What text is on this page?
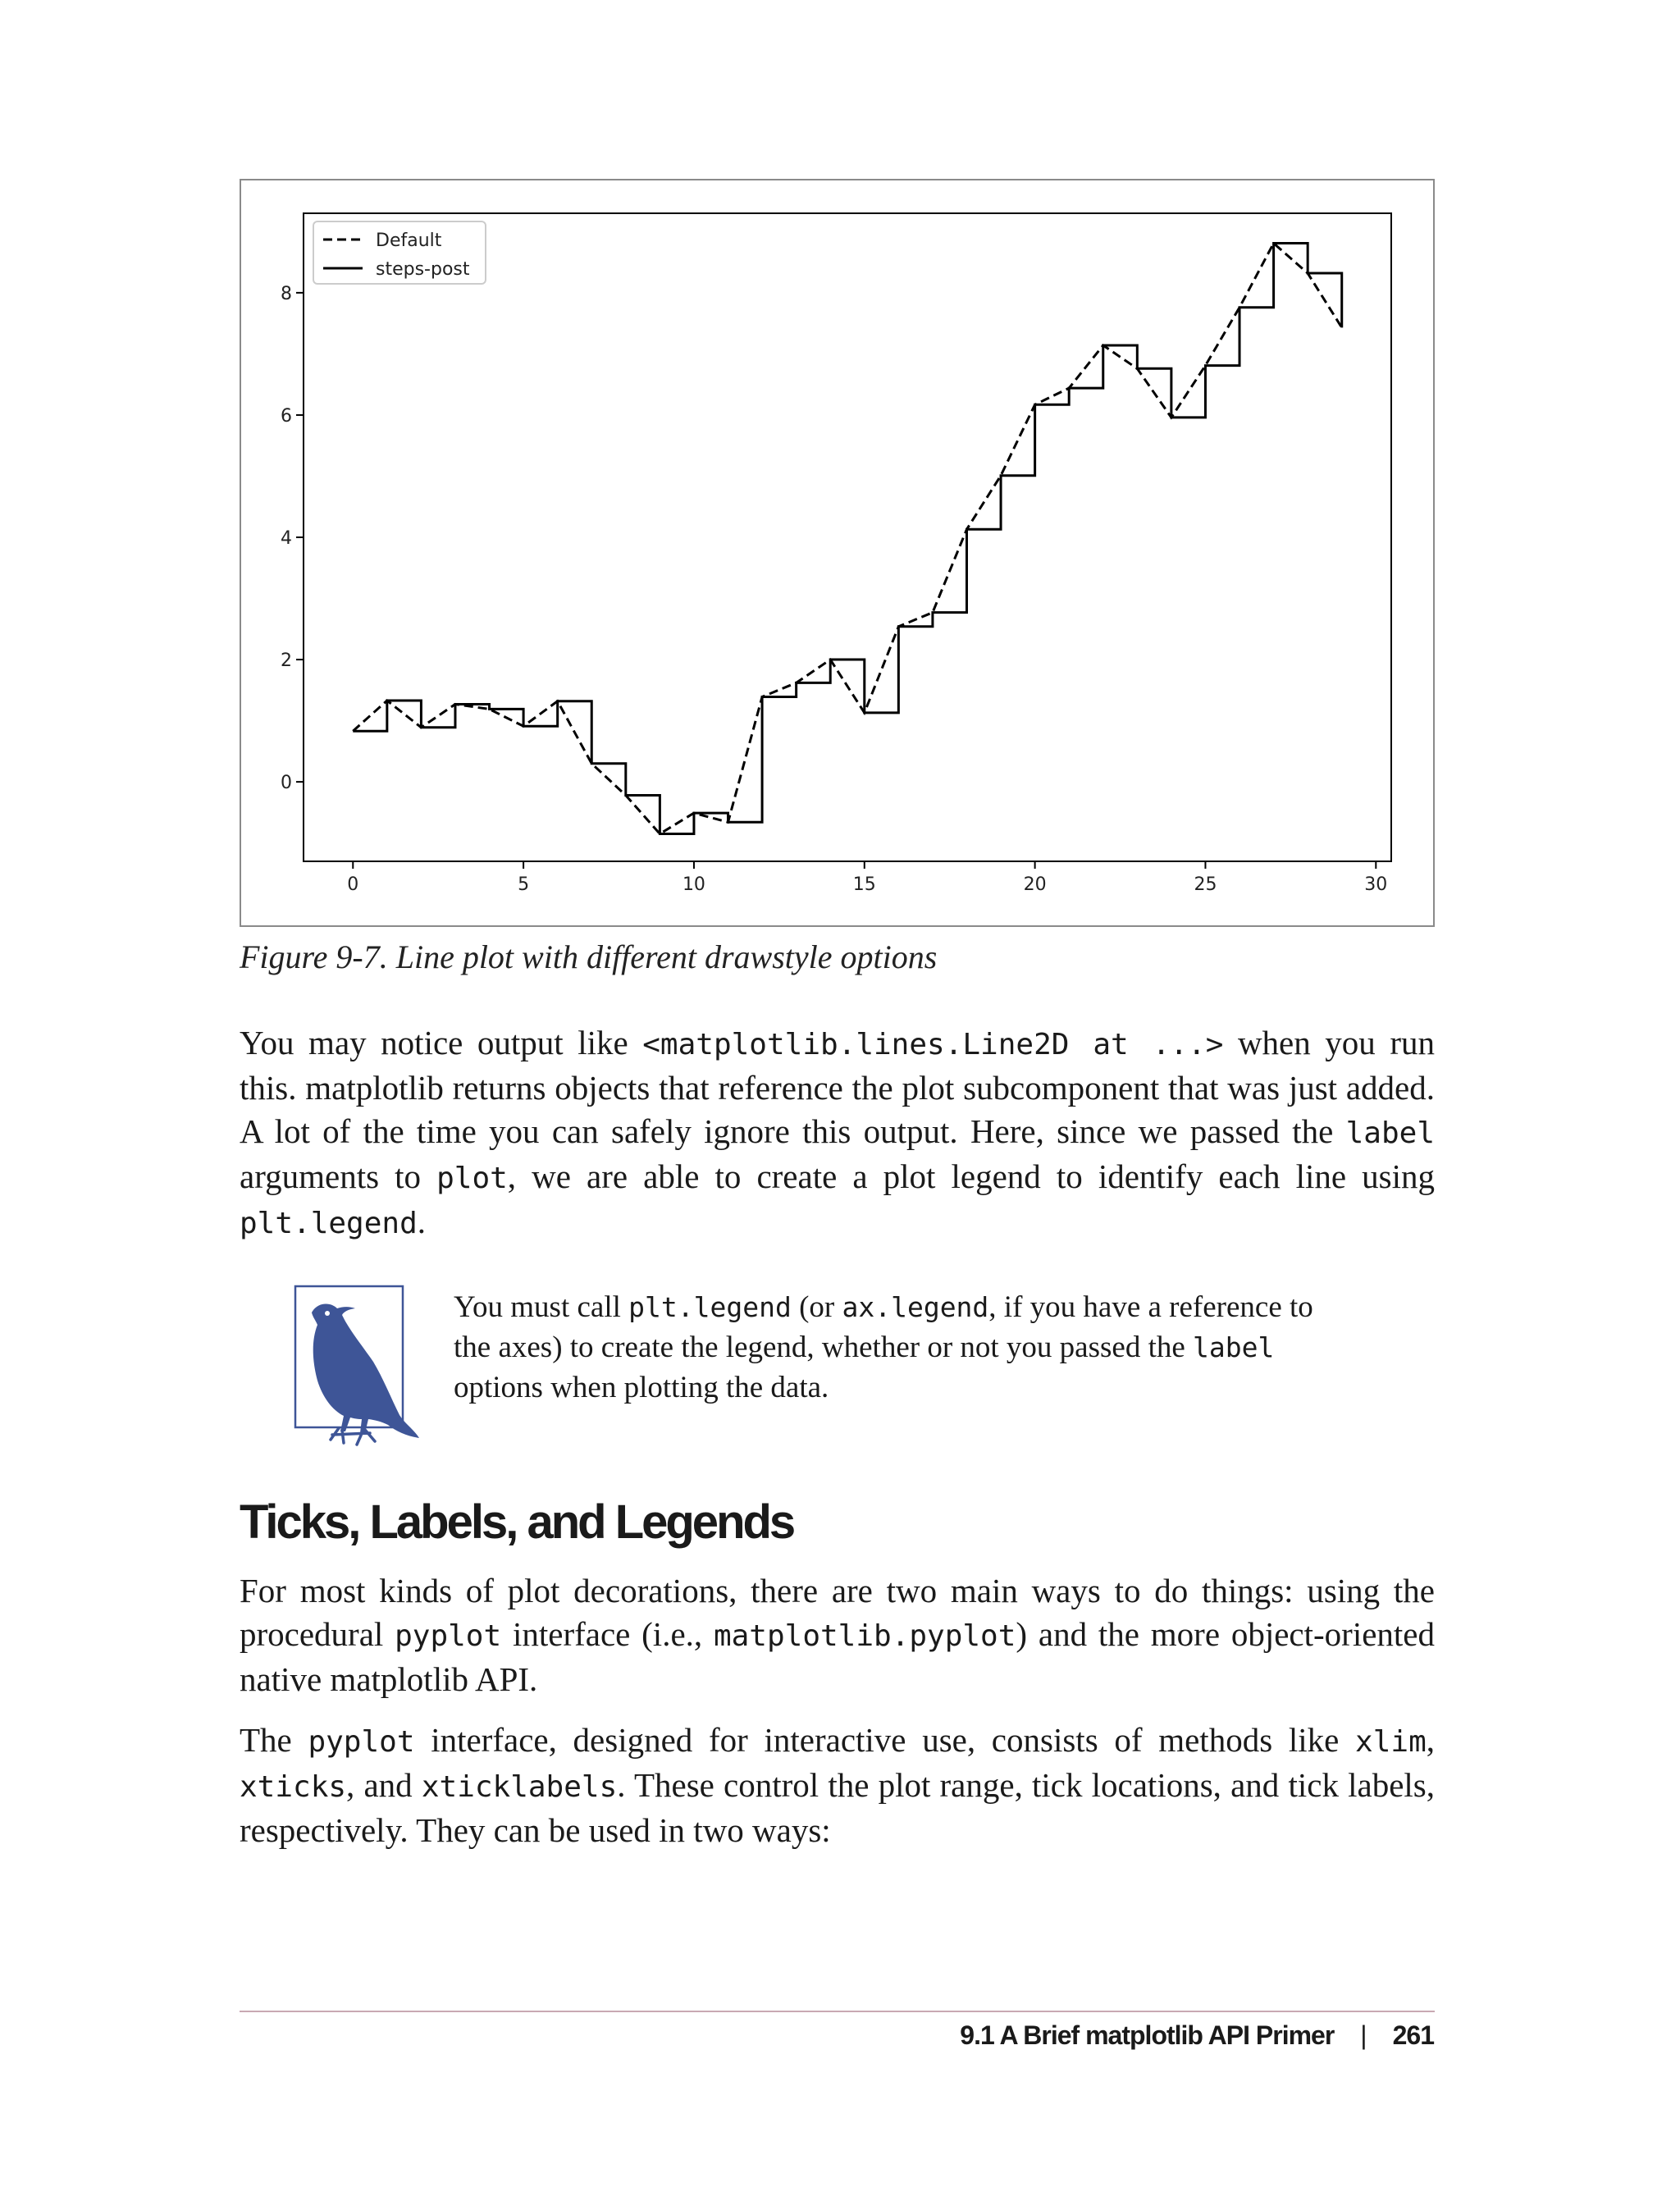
0	5	10	15	20	25	30
0
2
4
6
8
Default
steps-post
Figure 9-7. Line plot with different drawstyle options

You may notice output like <matplotlib.lines.Line2D at ...> when you run this. matplotlib returns objects that reference the plot subcomponent that was just added. A lot of the time you can safely ignore this output. Here, since we passed the label arguments to plot, we are able to create a plot legend to identify each line using plt.legend.

You must call plt.legend (or ax.legend, if you have a reference to the axes) to create the legend, whether or not you passed the label options when plotting the data.
Ticks, Labels, and Legends

For most kinds of plot decorations, there are two main ways to do things: using the procedural pyplot interface (i.e., matplotlib.pyplot) and the more object-oriented native matplotlib API.

The pyplot interface, designed for interactive use, consists of methods like xlim, xticks, and xticklabels. These control the plot range, tick locations, and tick labels, respectively. They can be used in two ways:

9.1 A Brief matplotlib API Primer | 261
